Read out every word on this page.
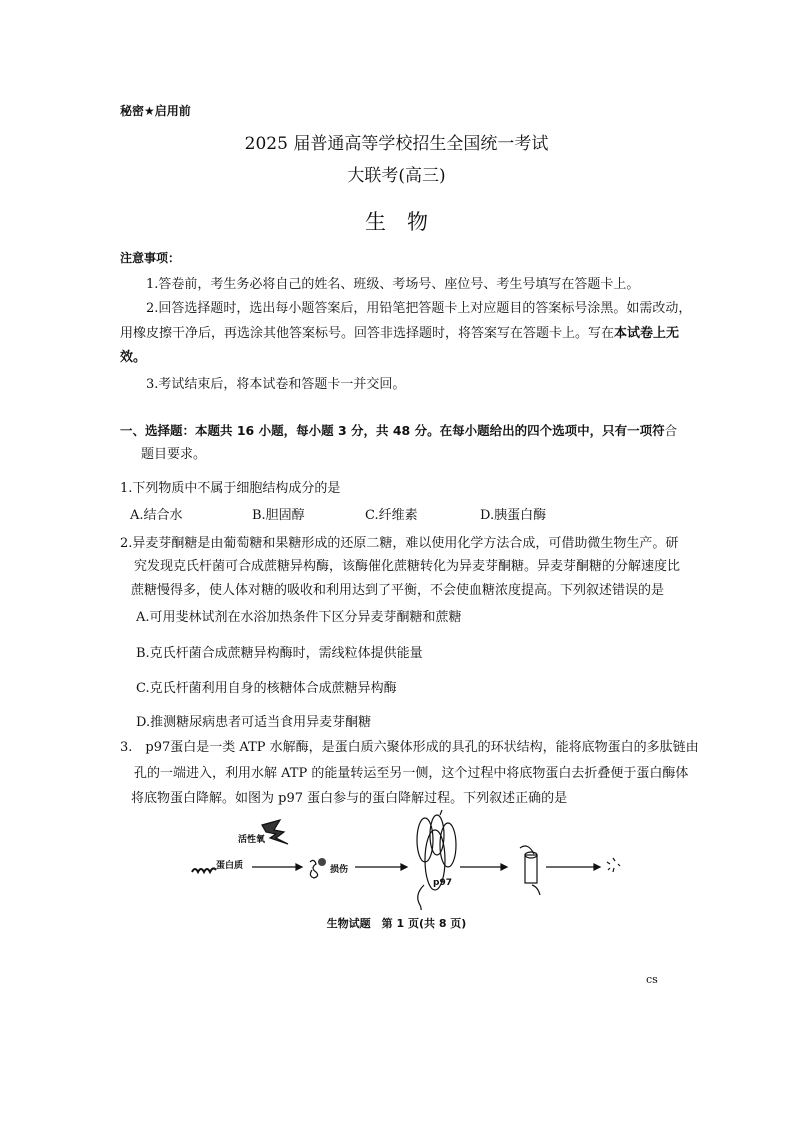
秘密★启用前
2025 届普通高等学校招生全国统一考试
大联考(高三)
生　物
注意事项：
1.答卷前，考生务必将自己的姓名、班级、考场号、座位号、考生号填写在答题卡上。
2.回答选择题时，选出每小题答案后，用铅笔把答题卡上对应题目的答案标号涂黑。如需改动，
用橡皮擦干净后，再选涂其他答案标号。回答非选择题时，将答案写在答题卡上。写在本试卷上无
效。
3.考试结束后，将本试卷和答题卡一并交回。
一、选择题：本题共 16 小题，每小题 3 分，共 48 分。在每小题给出的四个选项中，只有一项符合
题目要求。
1.下列物质中不属于细胞结构成分的是
A.结合水	B.胆固醇	C.纤维素	D.胰蛋白酶
2.异麦芽酮糖是由葡萄糖和果糖形成的还原二糖，难以使用化学方法合成，可借助微生物生产。研
究发现克氏杆菌可合成蔗糖异构酶，该酶催化蔗糖转化为异麦芽酮糖。异麦芽酮糖的分解速度比
蔗糖慢得多，使人体对糖的吸收和利用达到了平衡，不会使血糖浓度提高。下列叙述错误的是
A.可用斐林试剂在水浴加热条件下区分异麦芽酮糖和蔗糖
B.克氏杆菌合成蔗糖异构酶时，需线粒体提供能量
C.克氏杆菌利用自身的核糖体合成蔗糖异构酶
D.推测糖尿病患者可适当食用异麦芽酮糖
3.　p97蛋白是一类 ATP 水解酶，是蛋白质六聚体形成的具孔的环状结构，能将底物蛋白的多肽链由
孔的一端进入，利用水解 ATP 的能量转运至另一侧，这个过程中将底物蛋白去折叠便于蛋白酶体
将底物蛋白降解。如图为 p97 蛋白参与的蛋白降解过程。下列叙述正确的是
活性氧
蛋白质	损伤
p97
生物试题　第 1 页(共 8 页)
cs
